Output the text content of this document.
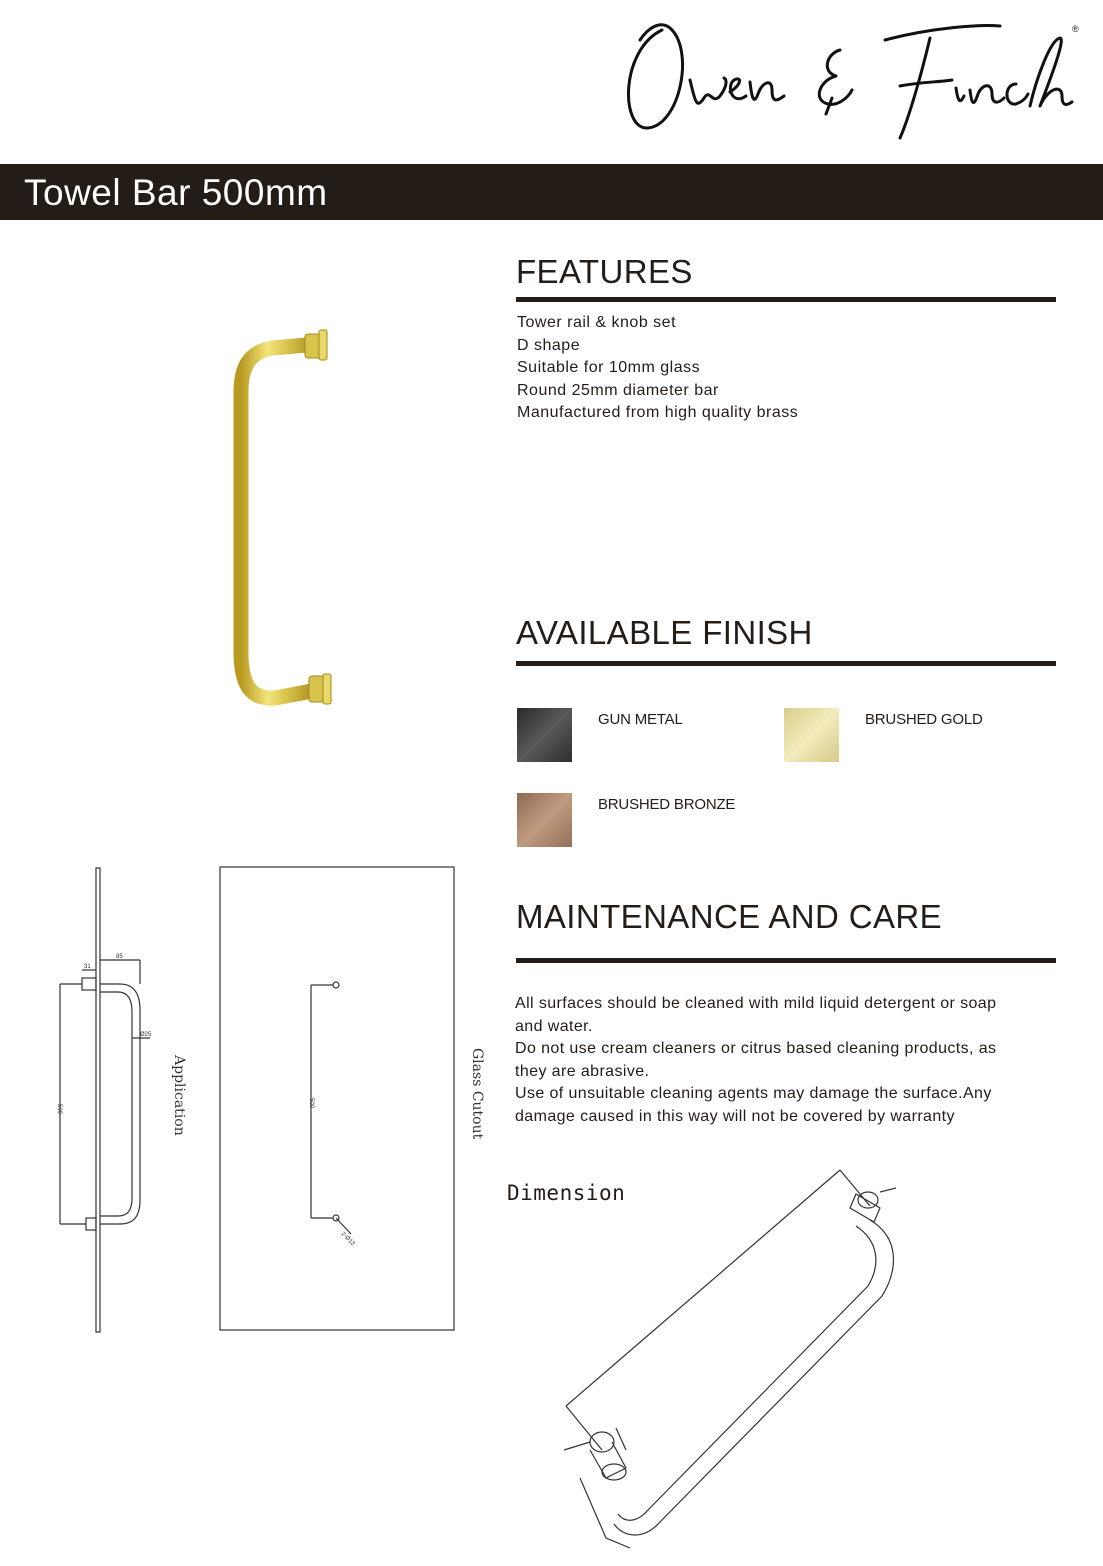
®
Towel Bar 500mm
FEATURES
Tower rail & knob set
D shape
Suitable for 10mm glass
Round 25mm diameter bar
Manufactured from high quality brass
AVAILABLE FINISH
GUN METAL	BRUSHED GOLD
BRUSHED BRONZE
MAINTENANCE AND CARE
All surfaces should be cleaned with mild liquid detergent or soap
and water.
Do not use cream cleaners or citrus based cleaning products, as
they are abrasive.
Use of unsuitable cleaning agents may damage the surface.Any
damage caused in this way will not be covered by warranty
500
85
31
Ø25
Application	500
2-Ø12
Glass Cutout
Dimension
